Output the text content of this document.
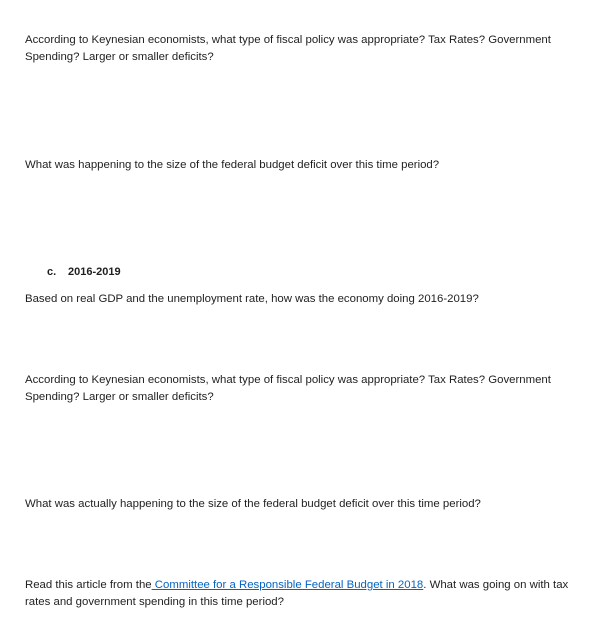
According to Keynesian economists, what type of fiscal policy was appropriate? Tax Rates? Government Spending? Larger or smaller deficits?

What was happening to the size of the federal budget deficit over this time period?

c. 2016-2019

Based on real GDP and the unemployment rate, how was the economy doing 2016-2019?

According to Keynesian economists, what type of fiscal policy was appropriate? Tax Rates? Government Spending? Larger or smaller deficits?

What was actually happening to the size of the federal budget deficit over this time period?

Read this article from the Committee for a Responsible Federal Budget in 2018. What was going on with tax rates and government spending in this time period?
